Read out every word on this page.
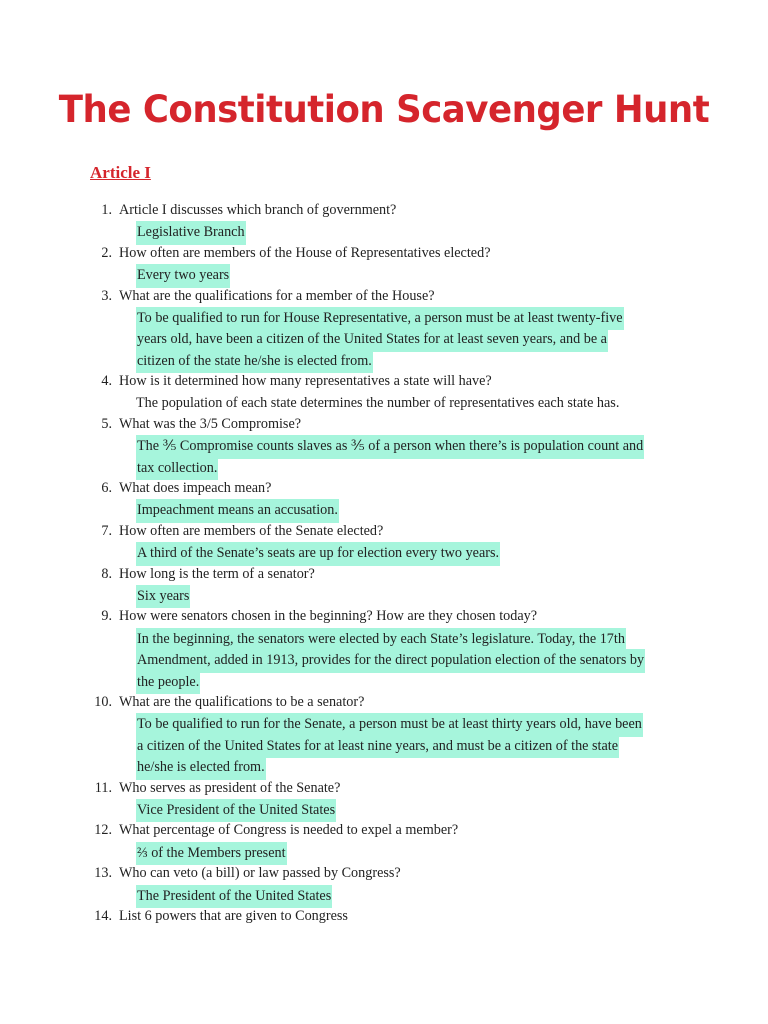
The Constitution Scavenger Hunt
Article I
1. Article I discusses which branch of government?
Legislative Branch
2. How often are members of the House of Representatives elected?
Every two years
3. What are the qualifications for a member of the House?
To be qualified to run for House Representative, a person must be at least twenty-five
years old, have been a citizen of the United States for at least seven years, and be a
citizen of the state he/she is elected from.
4. How is it determined how many representatives a state will have?
The population of each state determines the number of representatives each state has.
5. What was the 3/5 Compromise?
The ⅗ Compromise counts slaves as ⅗ of a person when there’s is population count and
tax collection.
6. What does impeach mean?
Impeachment means an accusation.
7. How often are members of the Senate elected?
A third of the Senate’s seats are up for election every two years.
8. How long is the term of a senator?
Six years
9. How were senators chosen in the beginning? How are they chosen today?
In the beginning, the senators were elected by each State’s legislature. Today, the 17th
Amendment, added in 1913, provides for the direct population election of the senators by
the people.
10. What are the qualifications to be a senator?
To be qualified to run for the Senate, a person must be at least thirty years old, have been
a citizen of the United States for at least nine years, and must be a citizen of the state
he/she is elected from.
11. Who serves as president of the Senate?
Vice President of the United States
12. What percentage of Congress is needed to expel a member?
⅔ of the Members present
13. Who can veto (a bill) or law passed by Congress?
The President of the United States
14. List 6 powers that are given to Congress
